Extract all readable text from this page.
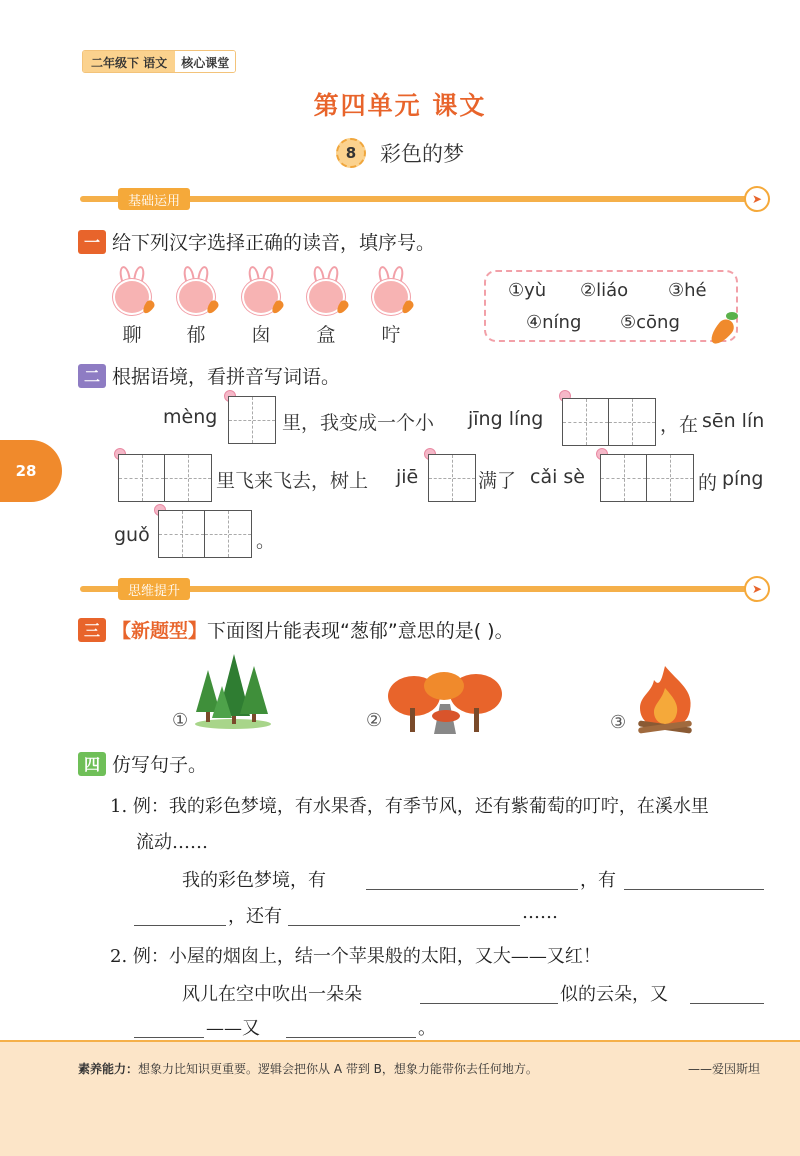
二年级下 语文	核心课堂
第四单元 课文
8	彩色的梦
28
基础运用	➤
一 给下列汉字选择正确的读音，填序号。
聊	郁	囱	盒	咛
①yù ②liáo ③hé
④níng ⑤cōng
二 根据语境，看拼音写词语。
mèng	里，我变成一个小 jīng líng	，在 sēn lín
里飞来飞去，树上 jiē	满了 cǎi sè	的 píng
guǒ	。
思维提升	➤
三 【新题型】 下面图片能表现“葱郁”意思的是( )。
①	②	③
四 仿写句子。
1. 例：我的彩色梦境，有水果香，有季节风，还有紫葡萄的叮咛，在溪水里
流动……
我的彩色梦境，有	，有
，还有	……
2. 例：小屋的烟囱上，结一个苹果般的太阳，又大——又红！
风儿在空中吹出一朵朵	似的云朵，又
——又	。
素养能力：想象力比知识更重要。逻辑会把你从 A 带到 B，想象力能带你去任何地方。	——爱因斯坦
